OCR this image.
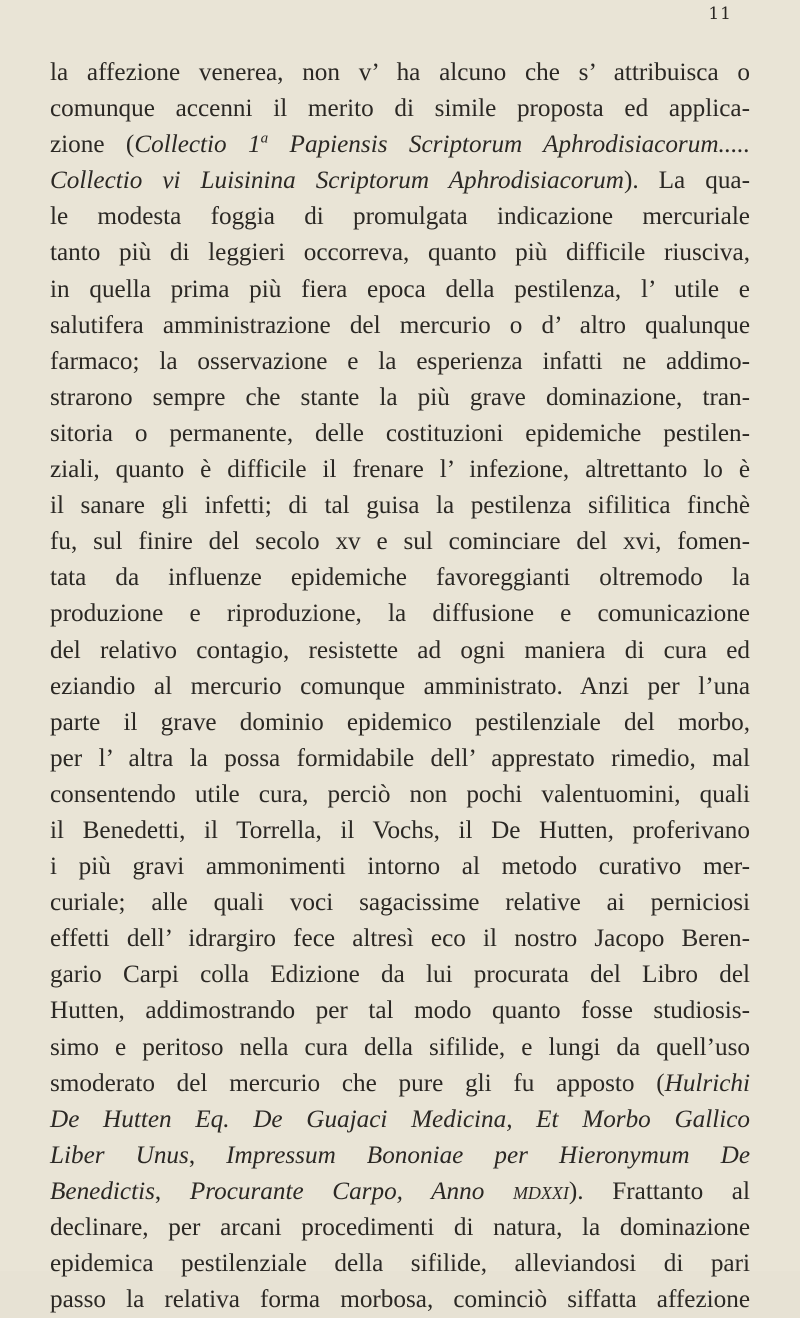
11
la affezione venerea, non v’ ha alcuno che s’ attribuisca o
comunque accenni il merito di simile proposta ed applica-
zione (Collectio 1$^a$ Papiensis Scriptorum Aphrodisiacorum.....
Collectio vi Luisinina Scriptorum Aphrodisiacorum). La qua-
le modesta foggia di promulgata indicazione mercuriale
tanto più di leggieri occorreva, quanto più difficile riusciva,
in quella prima più fiera epoca della pestilenza, l’ utile e
salutifera amministrazione del mercurio o d’ altro qualunque
farmaco; la osservazione e la esperienza infatti ne addimo-
strarono sempre che stante la più grave dominazione, tran-
sitoria o permanente, delle costituzioni epidemiche pestilen-
ziali, quanto è difficile il frenare l’ infezione, altrettanto lo è
il sanare gli infetti; di tal guisa la pestilenza sifilitica finchè
fu, sul finire del secolo xv e sul cominciare del xvi, fomen-
tata da influenze epidemiche favoreggianti oltremodo la
produzione e riproduzione, la diffusione e comunicazione
del relativo contagio, resistette ad ogni maniera di cura ed
eziandio al mercurio comunque amministrato. Anzi per l’una
parte il grave dominio epidemico pestilenziale del morbo,
per l’ altra la possa formidabile dell’ apprestato rimedio, mal
consentendo utile cura, perciò non pochi valentuomini, quali
il Benedetti, il Torrella, il Vochs, il De Hutten, proferivano
i più gravi ammonimenti intorno al metodo curativo mer-
curiale; alle quali voci sagacissime relative ai perniciosi
effetti dell’ idrargiro fece altresì eco il nostro Jacopo Beren-
gario Carpi colla Edizione da lui procurata del Libro del
Hutten, addimostrando per tal modo quanto fosse studiosis-
simo e peritoso nella cura della sifilide, e lungi da quell’uso
smoderato del mercurio che pure gli fu apposto (Hulrichi
De Hutten Eq. De Guajaci Medicina, Et Morbo Gallico
Liber Unus, Impressum Bononiae per Hieronymum De
Benedictis, Procurante Carpo, Anno mdxxi). Frattanto al
declinare, per arcani procedimenti di natura, la dominazione
epidemica pestilenziale della sifilide, alleviandosi di pari
passo la relativa forma morbosa, cominciò siffatta affezione
